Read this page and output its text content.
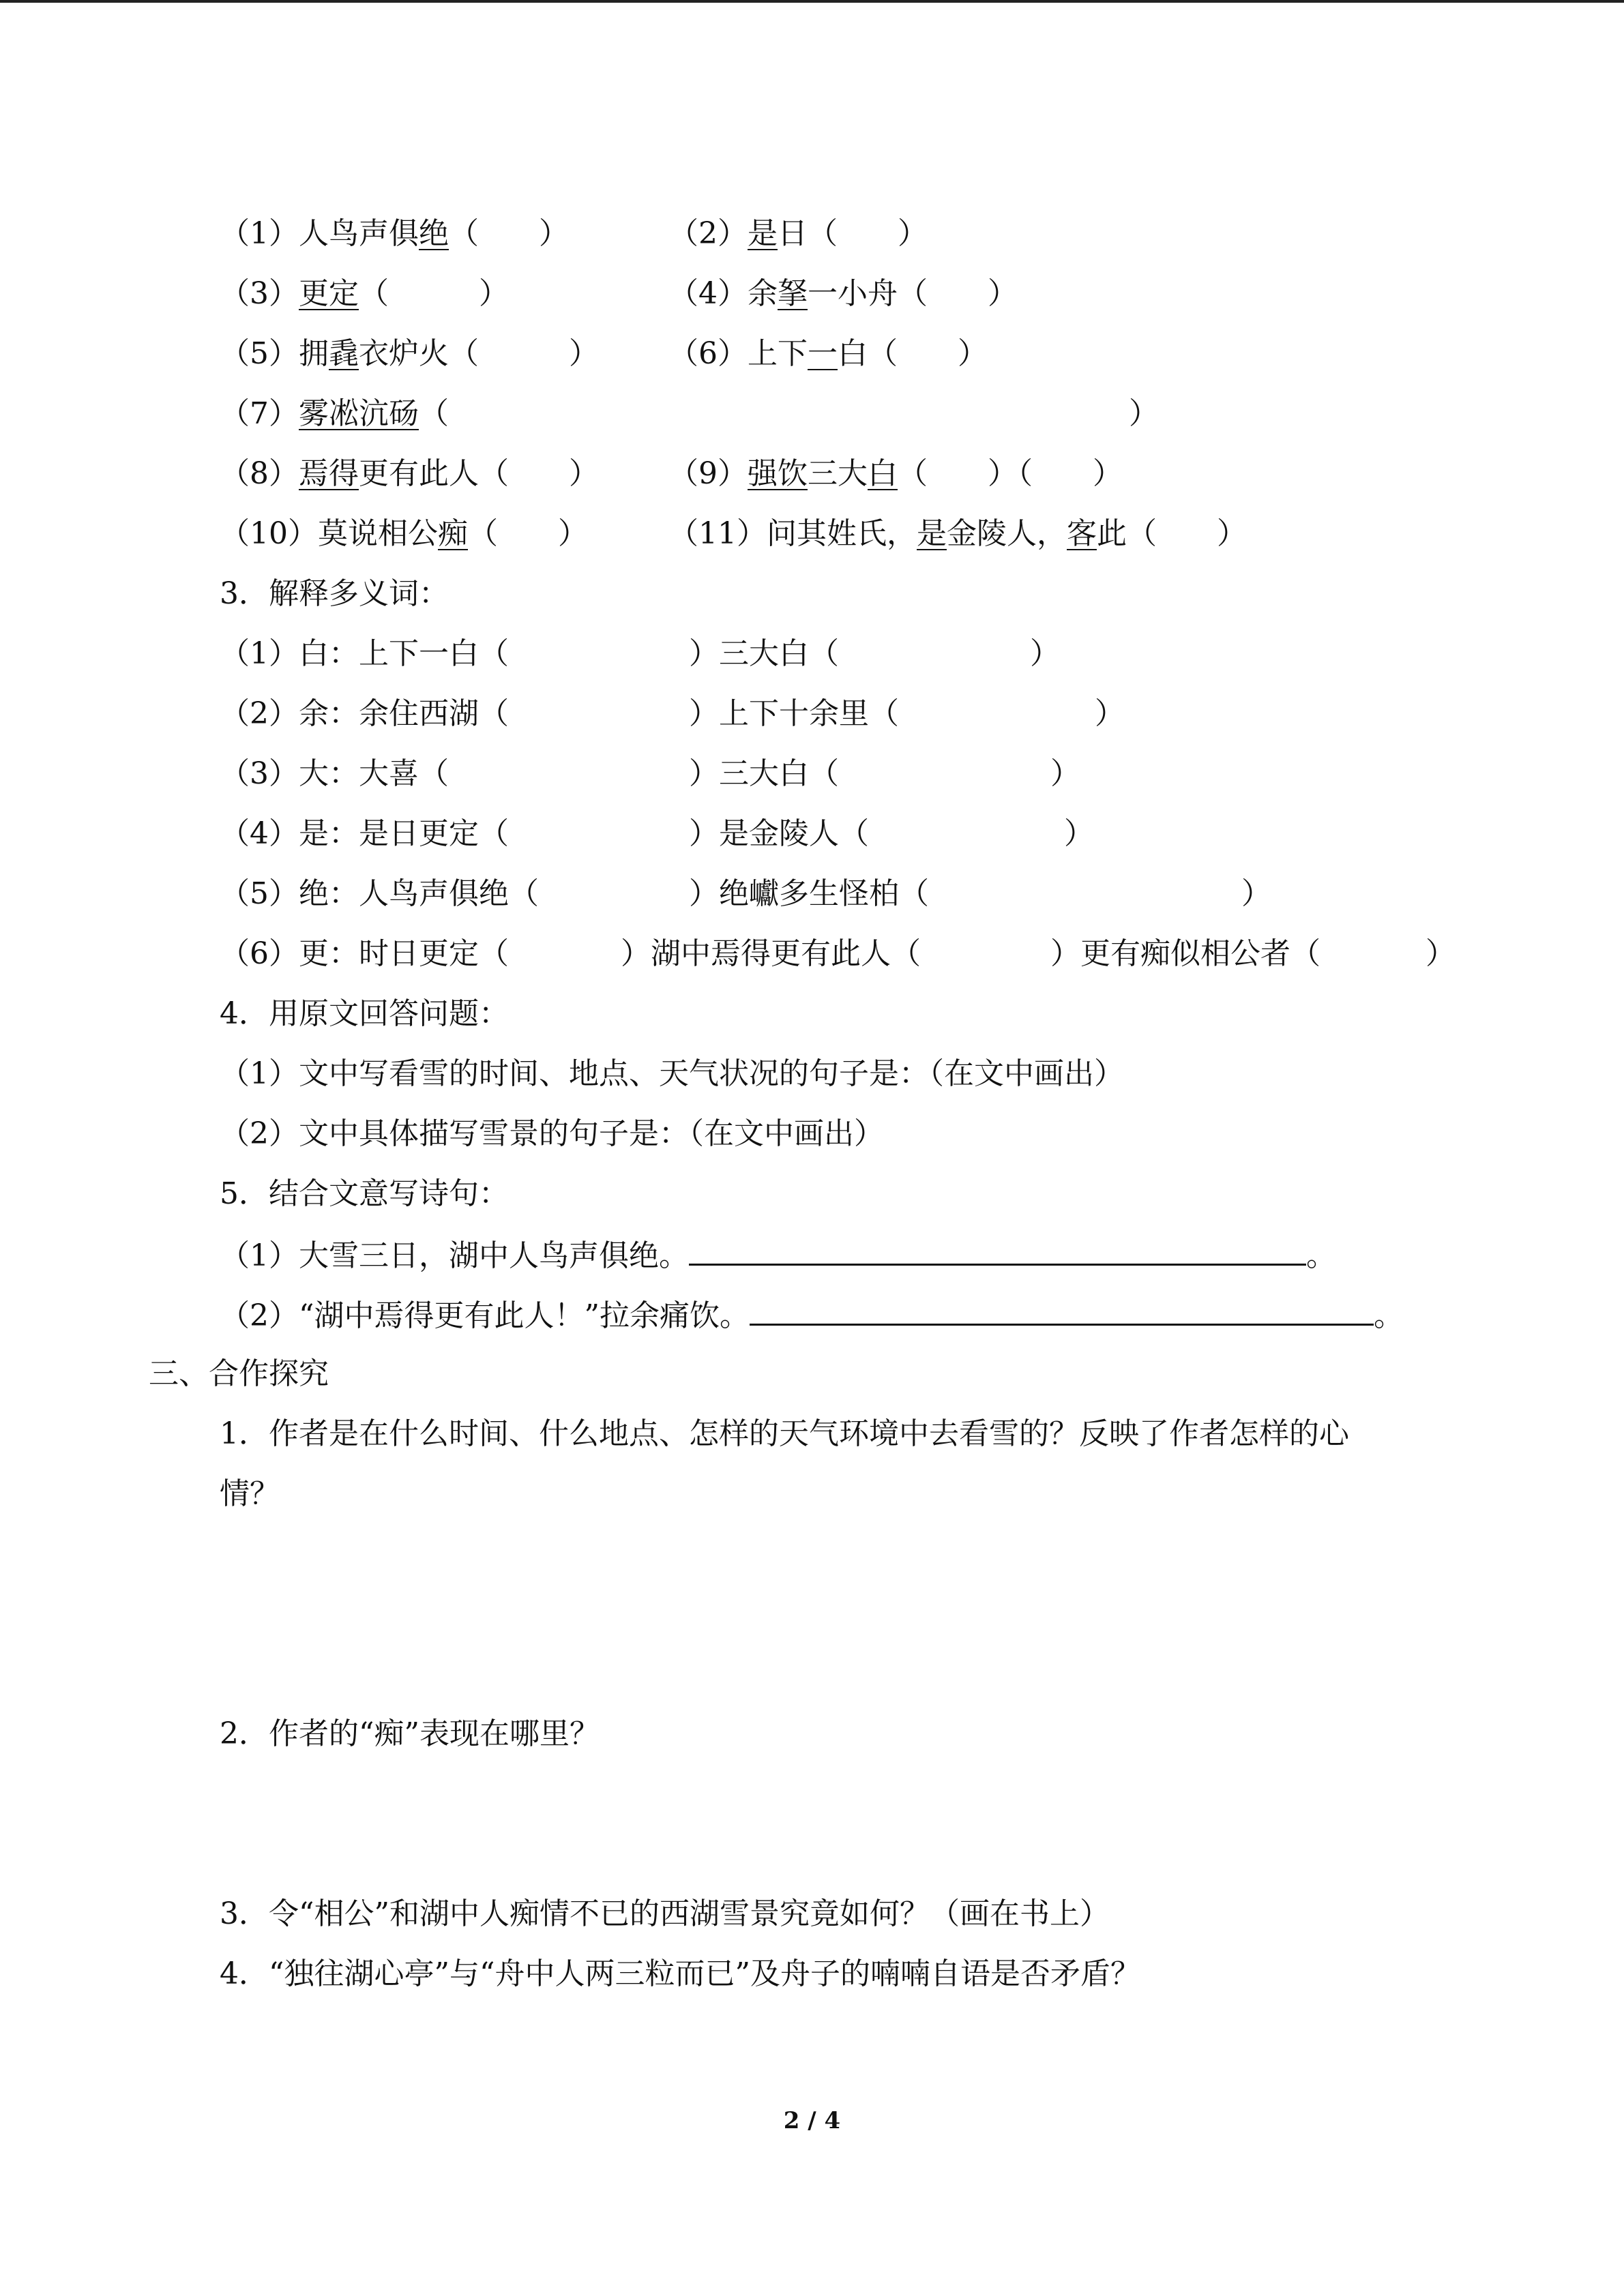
（1）人鸟声俱绝（　　）	（2）是日（　　）
（3）更定（　　　）	（4）余拏一小舟（　　）
（5）拥毳衣炉火（　　　） （6）上下一白（　　）
（7）雾凇沆砀（	）
（8）焉得更有此人（　　） （9）强饮三大白（　　）（　　）
（10）莫说相公痴（　　）	（11）问其姓氏，是金陵人，客此（　　）
3．解释多义词：
（1）白：上下一白（	）三大白（	）
（2）余：余住西湖（	）上下十余里（	）
（3）大：大喜（	）三大白（	）
（4）是：是日更定（	）是金陵人（	）
（5）绝：人鸟声俱绝（	）绝巘多生怪柏（	）
（6）更：时日更定（	）湖中焉得更有此人（	）更有痴似相公者（	）
4．用原文回答问题：
（1）文中写看雪的时间、地点、天气状况的句子是：（在文中画出）
（2）文中具体描写雪景的句子是：（在文中画出）
5．结合文意写诗句：
（1）大雪三日，湖中人鸟声俱绝。	。
（2）“湖中焉得更有此人！”拉余痛饮。	。
三、合作探究
1．作者是在什么时间、什么地点、怎样的天气环境中去看雪的？反映了作者怎样的心
情？
2．作者的“痴”表现在哪里？
3．令“相公”和湖中人痴情不已的西湖雪景究竟如何？（画在书上）
4．“独往湖心亭”与“舟中人两三粒而已”及舟子的喃喃自语是否矛盾？
2 / 4
